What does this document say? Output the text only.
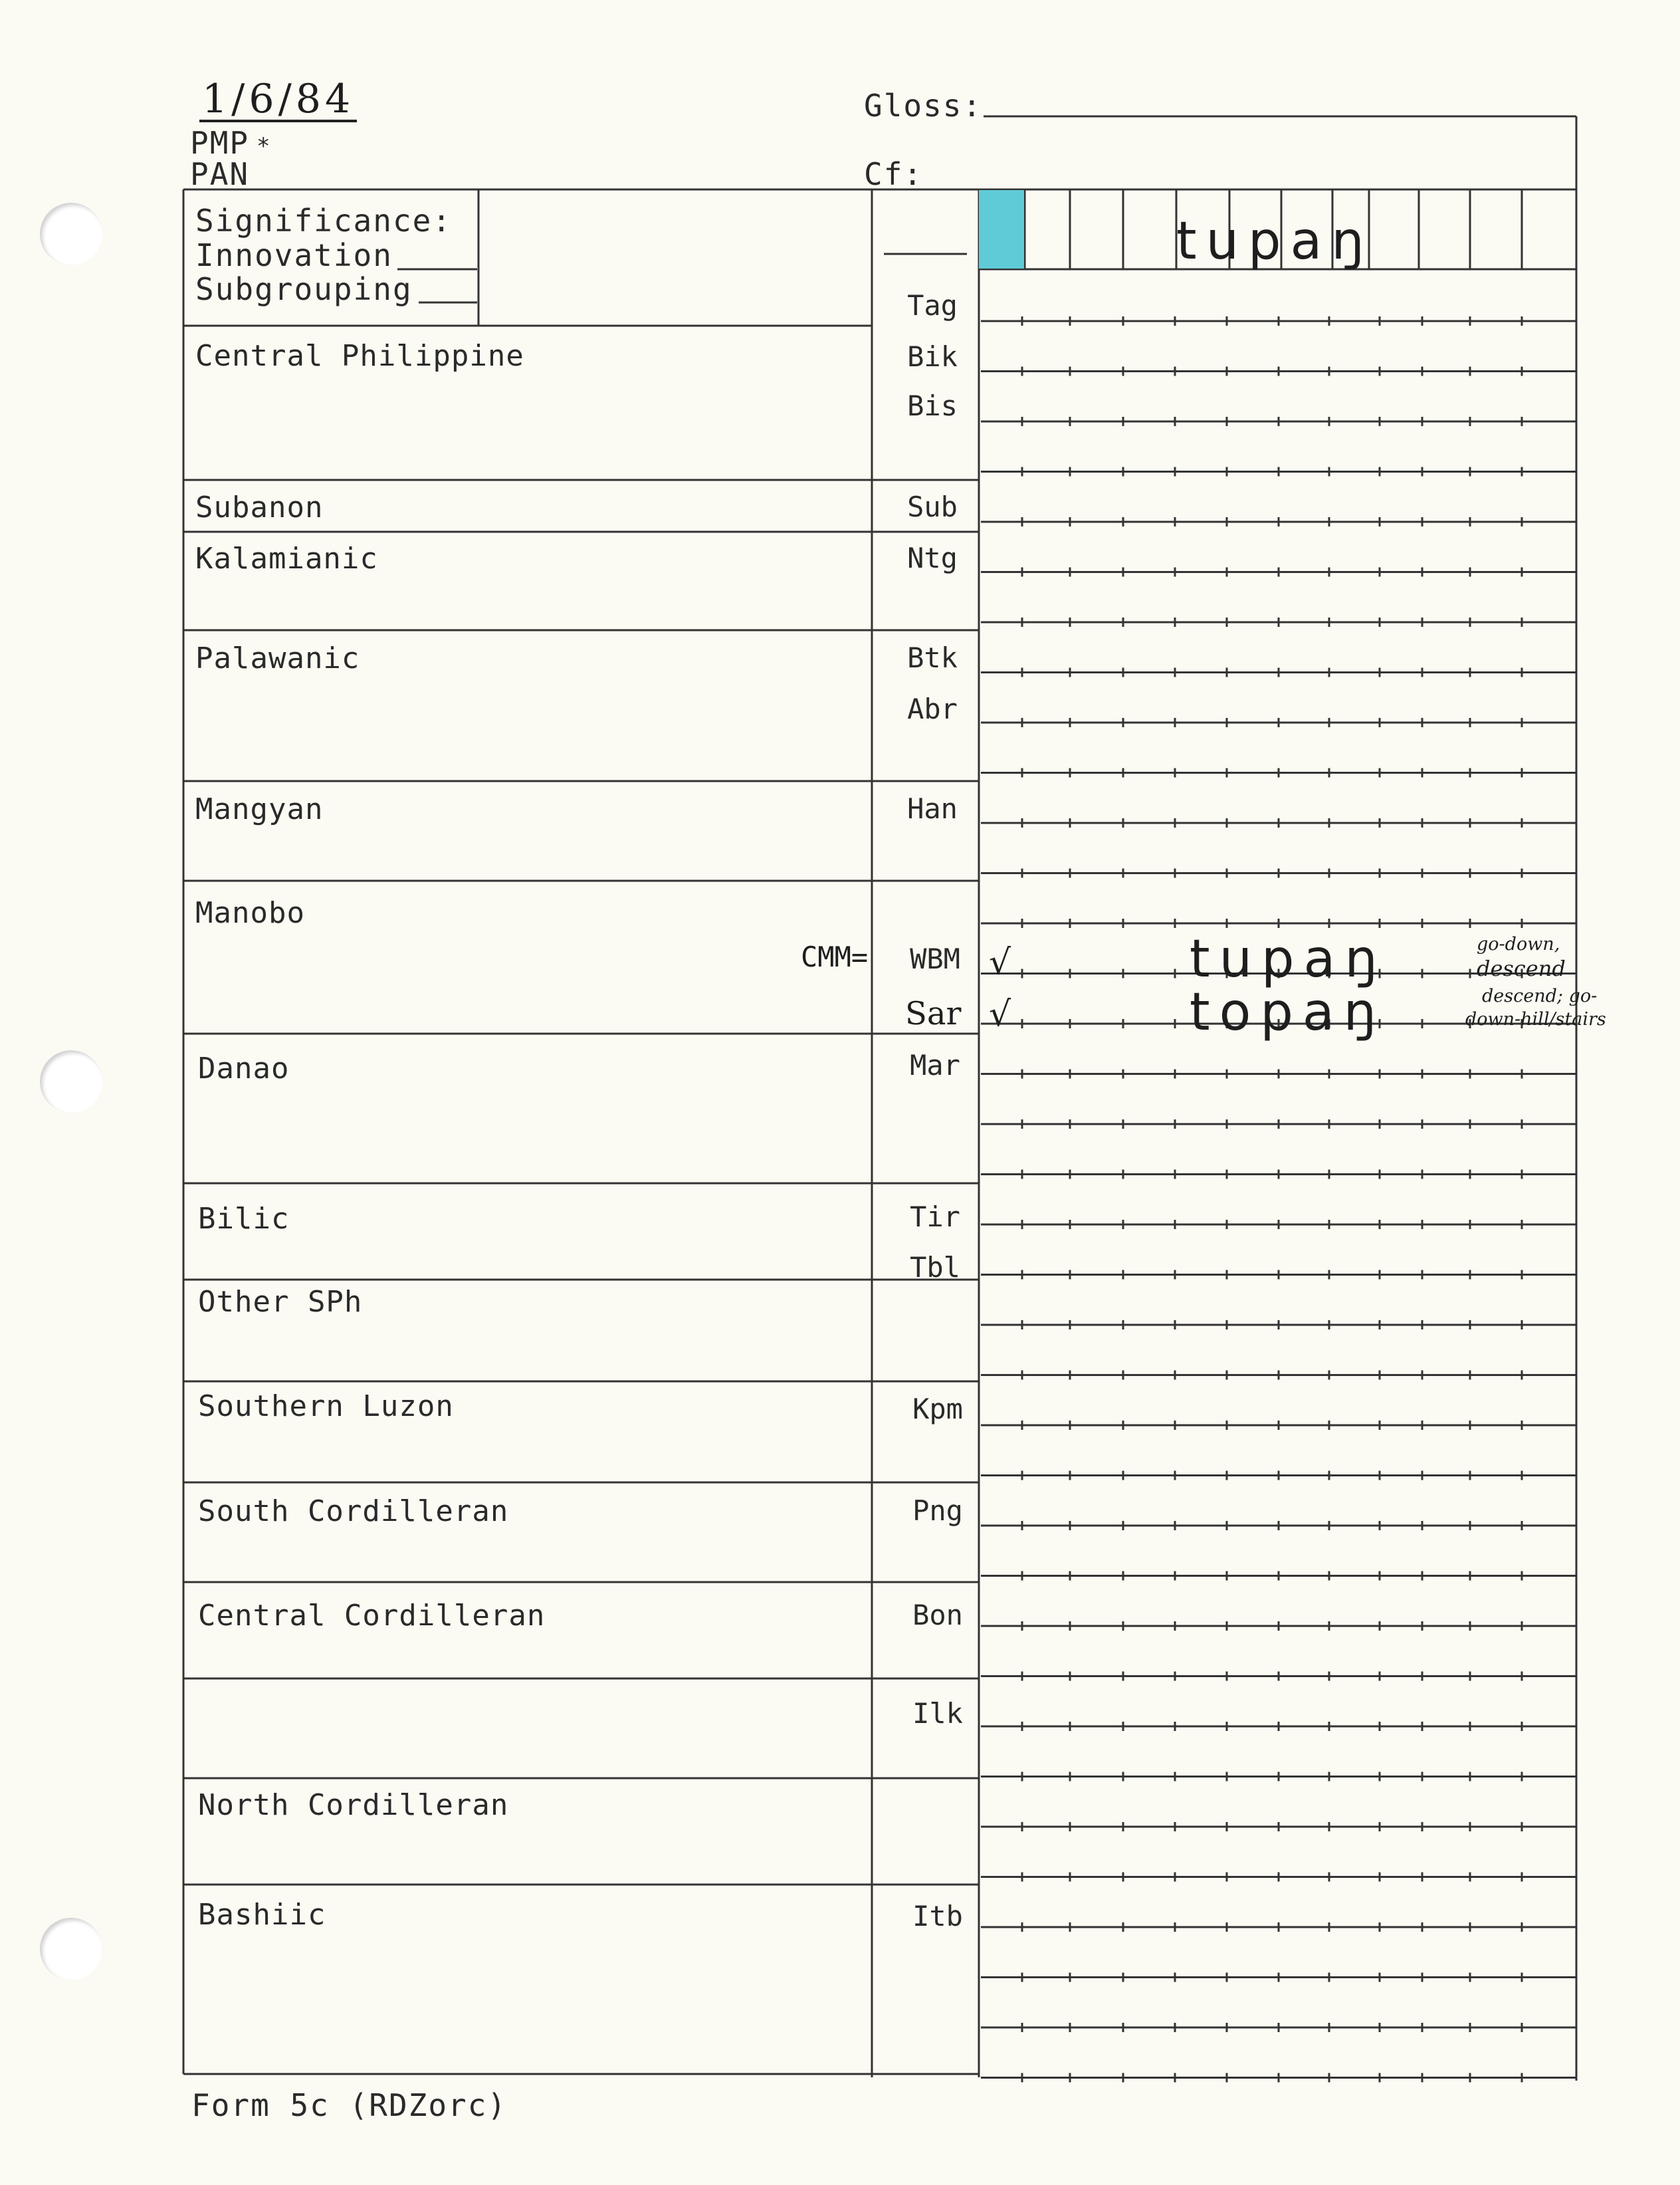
1/6/84
PMP *
PAN
Gloss:
Cf:
Significance:
Innovation
Subgrouping
tupaŋ
Central Philippine
Subanon
Kalamianic
Palawanic
Mangyan
Manobo
Danao
Bilic
Other SPh
Southern Luzon
South Cordilleran
Central Cordilleran
North Cordilleran
Bashiic
Tag
Bik
Bis
Sub
Ntg
Btk
Abr
Han
WBM
Mar
Tir
Tbl
Kpm
Png
Bon
Ilk
Itb
CMM=
Sar
√
√
tupaŋ
topaŋ
go-down,
descend
descend; go-
down-hill/stairs
Form 5c (RDZorc)
